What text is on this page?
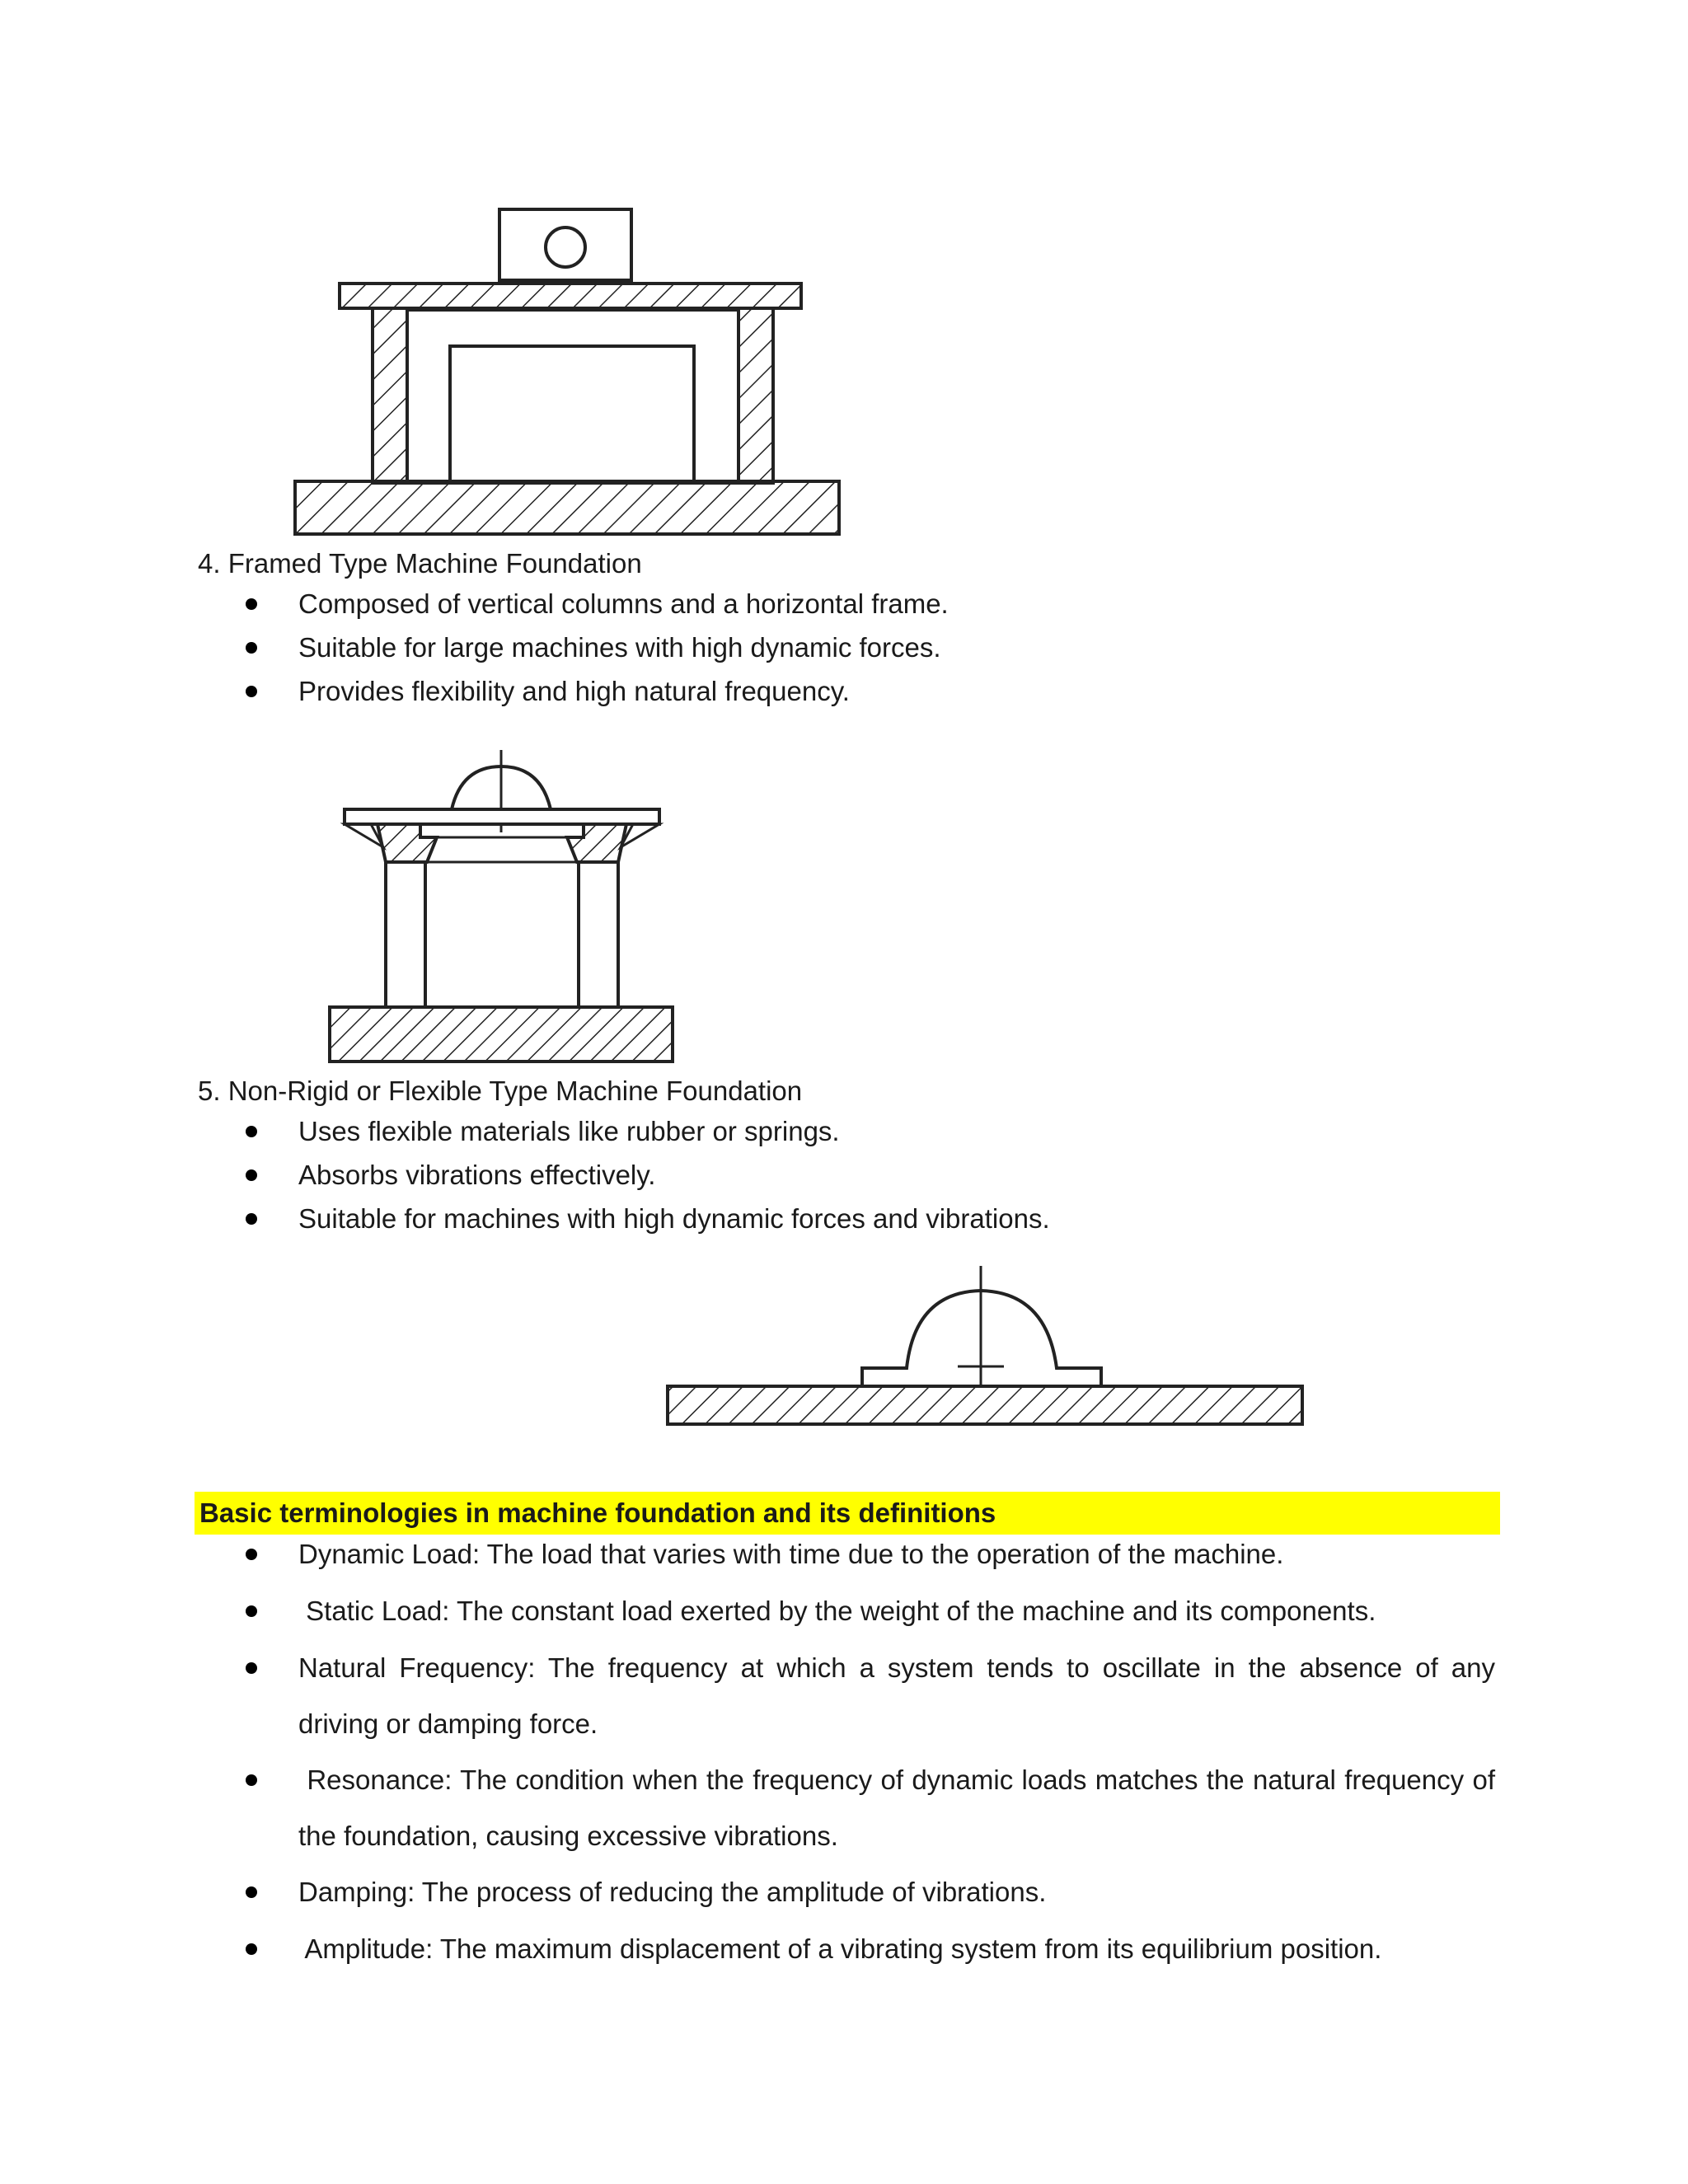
4. Framed Type Machine Foundation
Composed of vertical columns and a horizontal frame.
Suitable for large machines with high dynamic forces.
Provides flexibility and high natural frequency.
5. Non-Rigid or Flexible Type Machine Foundation
Uses flexible materials like rubber or springs.
Absorbs vibrations effectively.
Suitable for machines with high dynamic forces and vibrations.
Basic terminologies in machine foundation and its definitions
Dynamic Load: The load that varies with time due to the operation of the machine.
Static Load: The constant load exerted by the weight of the machine and its components.
Natural Frequency: The frequency at which a system tends to oscillate in the absence of any driving or damping force.
Resonance: The condition when the frequency of dynamic loads matches the natural frequency of the foundation, causing excessive vibrations.
Damping: The process of reducing the amplitude of vibrations.
Amplitude: The maximum displacement of a vibrating system from its equilibrium position.
